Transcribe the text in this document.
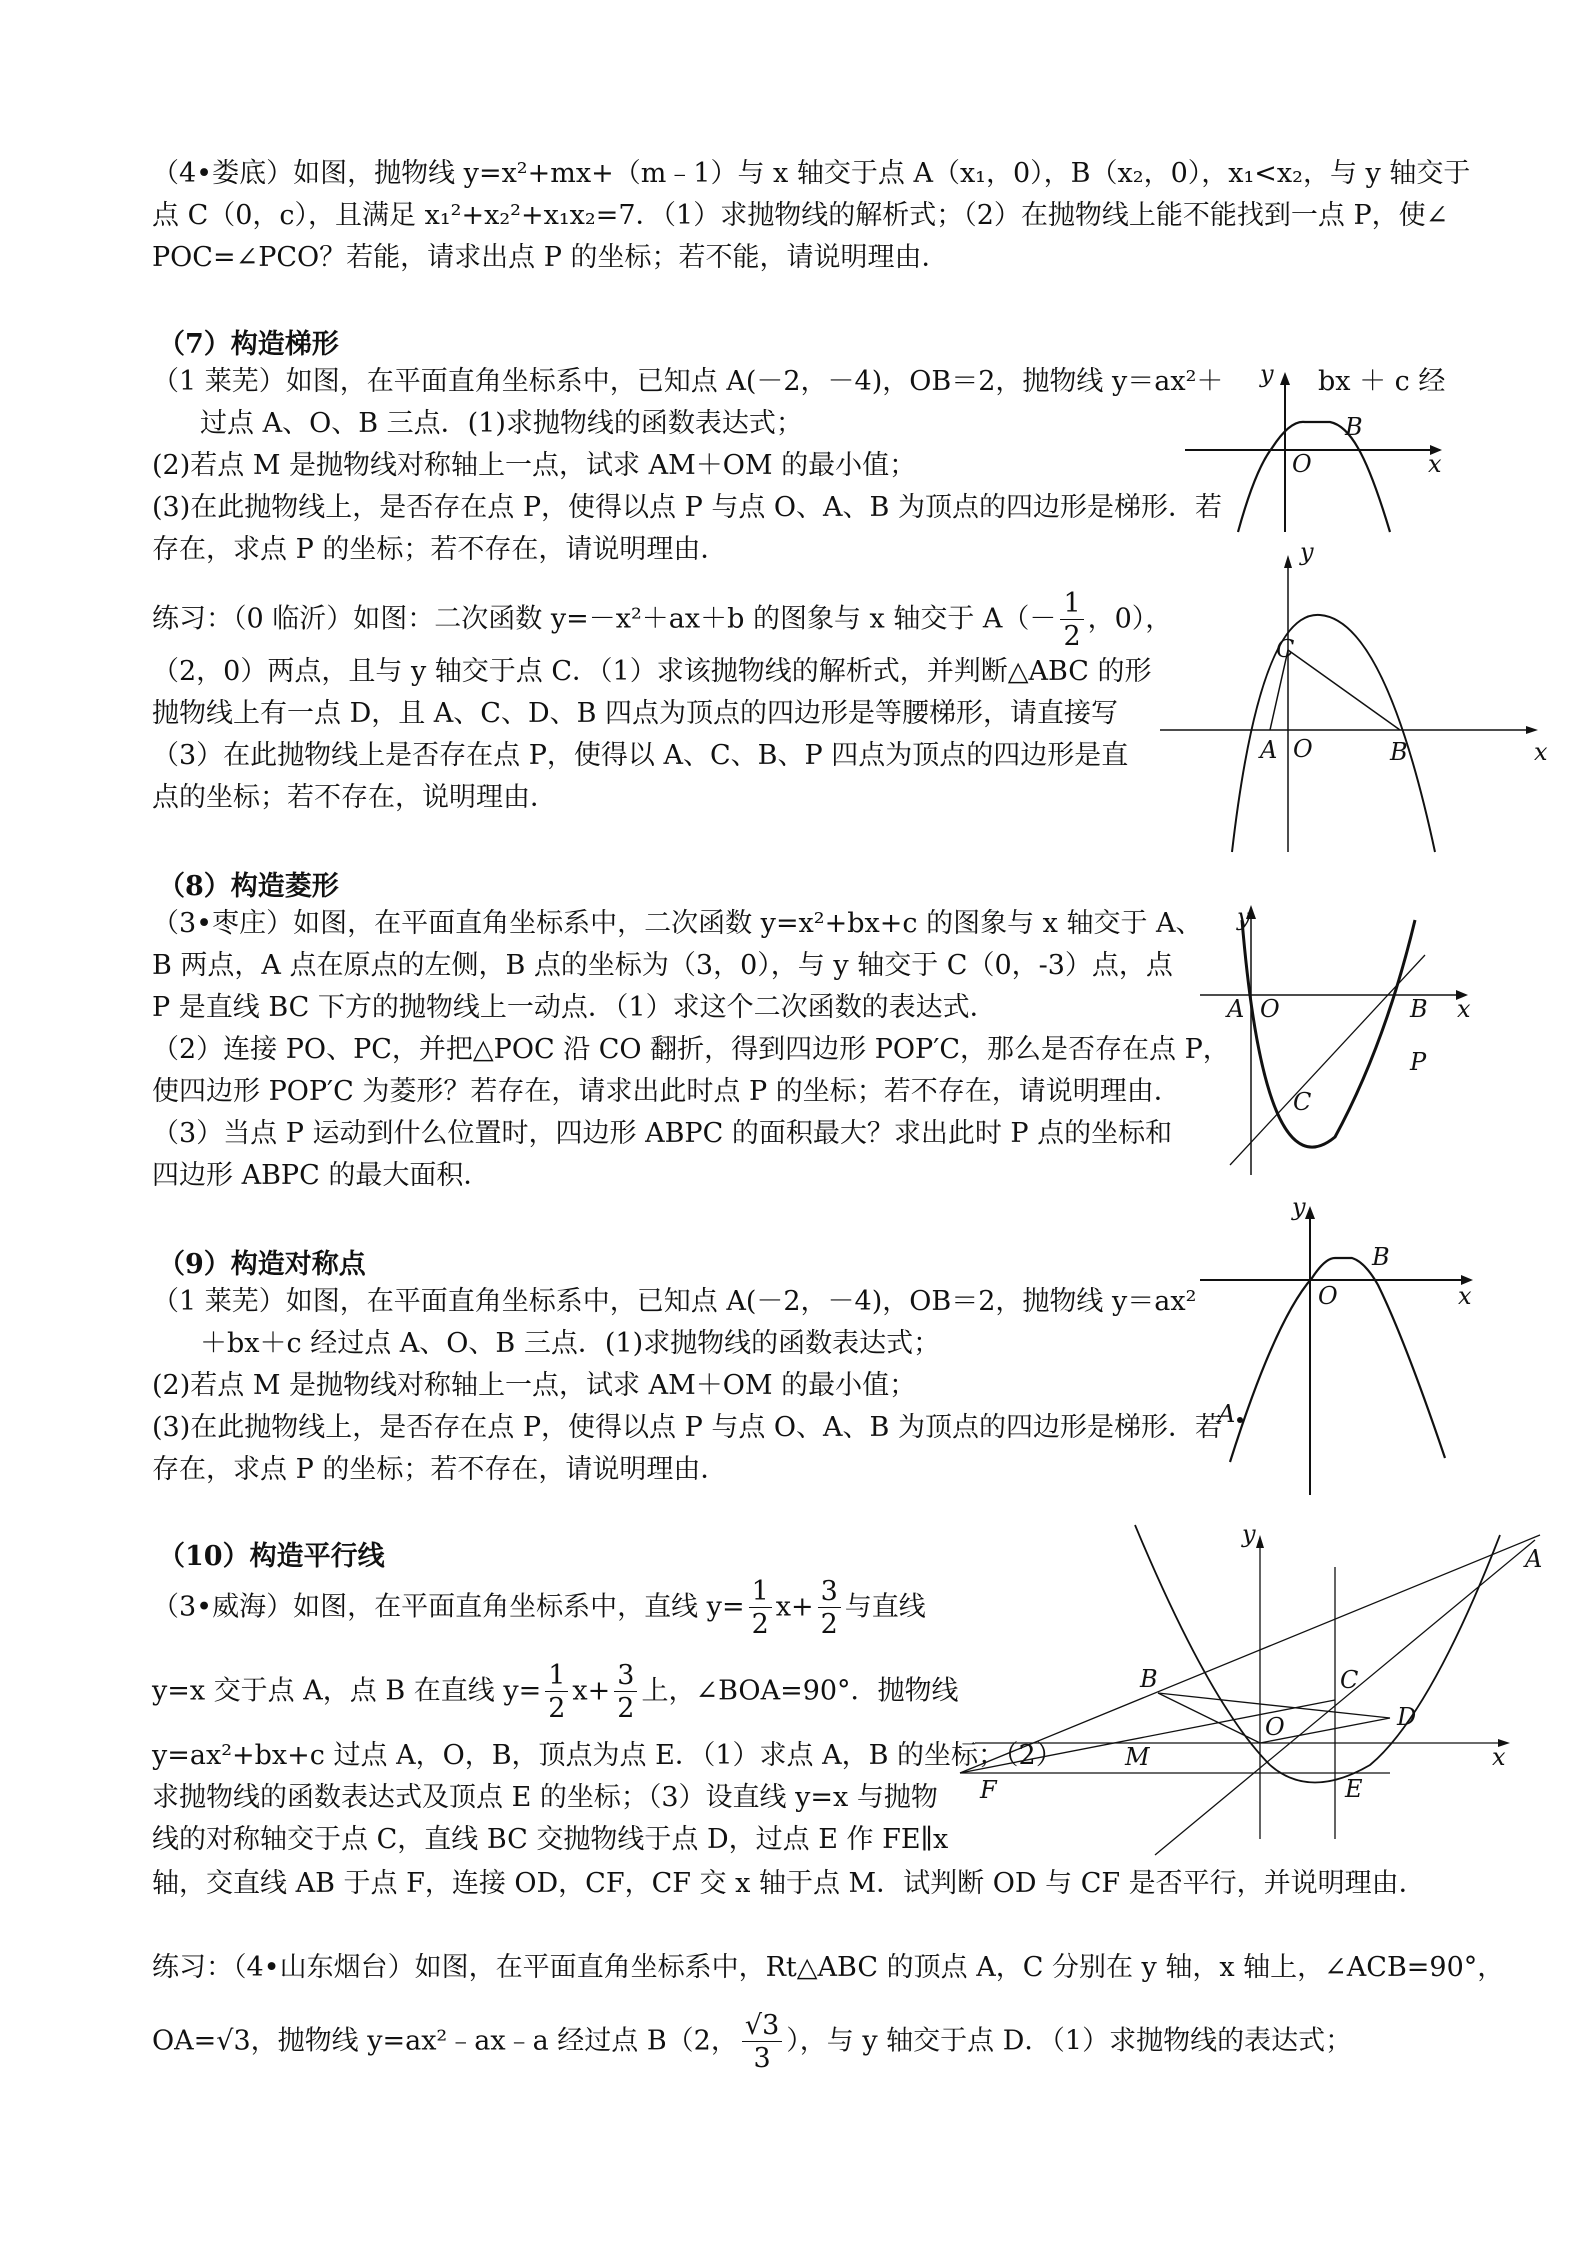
（4•娄底）如图，抛物线 y=x²+mx+（m﹣1）与 x 轴交于点 A（x₁，0），B（x₂，0），x₁<x₂，与 y 轴交于
点 C（0，c），且满足 x₁²+x₂²+x₁x₂=7．（1）求抛物线的解析式；（2）在抛物线上能不能找到一点 P，使∠
POC=∠PCO？若能，请求出点 P 的坐标；若不能，请说明理由．
（7）构造梯形
（1 莱芜）如图，在平面直角坐标系中，已知点 A(－2，－4)，OB＝2，抛物线 y＝ax²＋	bx ＋ c 经
过点 A、O、B 三点．(1)求抛物线的函数表达式；
(2)若点 M 是抛物线对称轴上一点，试求 AM＋OM 的最小值；
(3)在此抛物线上，是否存在点 P，使得以点 P 与点 O、A、B 为顶点的四边形是梯形．若
存在，求点 P 的坐标；若不存在，请说明理由．
练习：（0 临沂）如图：二次函数 y=－x²＋ax＋b 的图象与 x 轴交于 $A(- \frac{1}{2}$ ，0），
（2，0）两点，且与 y 轴交于点 C．（1）求该抛物线的解析式，并判断△ABC 的形
抛物线上有一点 D，且 A、C、D、B 四点为顶点的四边形是等腰梯形，请直接写
（3）在此抛物线上是否存在点 P，使得以 A、C、B、P 四点为顶点的四边形是直
点的坐标；若不存在，说明理由．
（8）构造菱形
（3•枣庄）如图，在平面直角坐标系中，二次函数 y=x²+bx+c 的图象与 x 轴交于 A、
B 两点，A 点在原点的左侧，B 点的坐标为（3，0），与 y 轴交于 C（0，-3）点，点
P 是直线 BC 下方的抛物线上一动点．（1）求这个二次函数的表达式．
（2）连接 PO、PC，并把△POC 沿 CO 翻折，得到四边形 POP′C，那么是否存在点 P，
使四边形 POP′C 为菱形？若存在，请求出此时点 P 的坐标；若不存在，请说明理由．
（3）当点 P 运动到什么位置时，四边形 ABPC 的面积最大？求出此时 P 点的坐标和
四边形 ABPC 的最大面积．
（9）构造对称点
（1 莱芜）如图，在平面直角坐标系中，已知点 A(－2，－4)，OB＝2，抛物线 y＝ax²
＋bx＋c 经过点 A、O、B 三点．(1)求抛物线的函数表达式；
(2)若点 M 是抛物线对称轴上一点，试求 AM＋OM 的最小值；
(3)在此抛物线上，是否存在点 P，使得以点 P 与点 O、A、B 为顶点的四边形是梯形．若
存在，求点 P 的坐标；若不存在，请说明理由．
（10）构造平行线
（3•威海）如图，在平面直角坐标系中，直线 $y= \frac{1}{2} x+ \frac{3}{2}$ 与直线
y=x 交于点 A，点 B 在直线 $y= \frac{1}{2} x+ \frac{3}{2}$ 上，∠BOA=90°．抛物线
y=ax²+bx+c 过点 A，O，B，顶点为点 E．（1）求点 A，B 的坐标；（2）
求抛物线的函数表达式及顶点 E 的坐标；（3）设直线 y=x 与抛物
线的对称轴交于点 C，直线 BC 交抛物线于点 D，过点 E 作 FE∥x
轴，交直线 AB 于点 F，连接 OD，CF，CF 交 x 轴于点 M．试判断 OD 与 CF 是否平行，并说明理由．
练习：（4•山东烟台）如图，在平面直角坐标系中，Rt△ABC 的顶点 A，C 分别在 y 轴，x 轴上，∠ACB=90°，
OA=√3，抛物线 y=ax²﹣ax﹣a 经过点 B（2， $\frac{√3}{3}$ ），与 y 轴交于点 D．（1）求抛物线的表达式；
y
O
B
x
C
y
A O	B	x
y
A O	B x
P
C
y
B
O	x
A
y
A
B	C
D
O
M	x
F	E
